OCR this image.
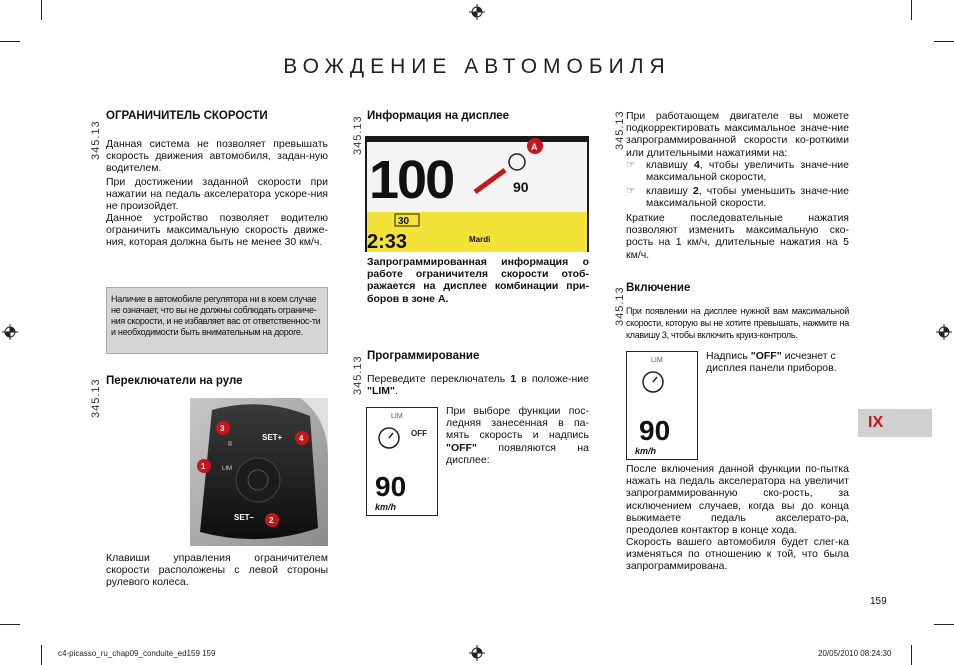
ВОЖДЕНИЕ АВТОМОБИЛЯ
345.13
ОГРАНИЧИТЕЛЬ СКОРОСТИ
Данная система не позволяет превышать скорость движения автомобиля, задан-ную водителем.
При достижении заданной скорости при нажатии на педаль акселератора ускоре-ния не произойдет.
Данное устройство позволяет водителю ограничить максимальную скорость движе-ния, которая должна быть не менее 30 км/ч.
Наличие в автомобиле регулятора ни в коем случае не означает, что вы не должны соблюдать ограниче-ния скорости, и не избавляет вас от ответственнос-ти и необходимости быть внимательным на дороге.
345.13 Переключатели на руле
II
SET+
SET–
LIM
3
4
1
2
Клавиши управления ограничителем скорости расположены с левой стороны рулевого колеса.
345.13 Информация на дисплее
100	90
A
30
2:33	Mardi
Запрограммированная информация о работе ограничителя скорости отоб-ражается на дисплее комбинации при-боров в зоне A.
345.13 Программирование
Переведите переключатель 1 в положе-ние "LIM".
LIM
OFF
90
km/h
При выборе функции пос-ледняя занесенная в па-мять скорость и надпись "OFF" появляются на дисплее:
345.13 При работающем двигателе вы можете подкорректировать максимальное значе-ние запрограммированной скорости ко-роткими или длительными нажатиями на:
☞ клавишу 4, чтобы увеличить значе-ние максимальной скорости,
☞ клавишу 2, чтобы уменьшить значе-ние максимальной скорости.
Краткие последовательные нажатия позволяют изменить максимальную ско-рость на 1 км/ч, длительные нажатия на 5 км/ч.
345.13 Включение
При появлении на дисплее нужной вам максимальной скорости, которую вы не хотите превышать, нажмите на клавишу 3, чтобы включить круиз-контроль.
LIM
90
km/h
Надпись "OFF" исчезнет с дисплея панели приборов.
После включения данной функции по-пытка нажать на педаль акселератора на увеличит запрограммированную ско-рость, за исключением случаев, когда вы до конца выжимаете педаль акселерато-ра, преодолев контактор в конце хода.
Скорость вашего автомобиля будет слег-ка изменяться по отношению к той, что была запрограммирована.
IX
159
c4-picasso_ru_chap09_conduite_ed159 159	20/05/2010 08:24:30
